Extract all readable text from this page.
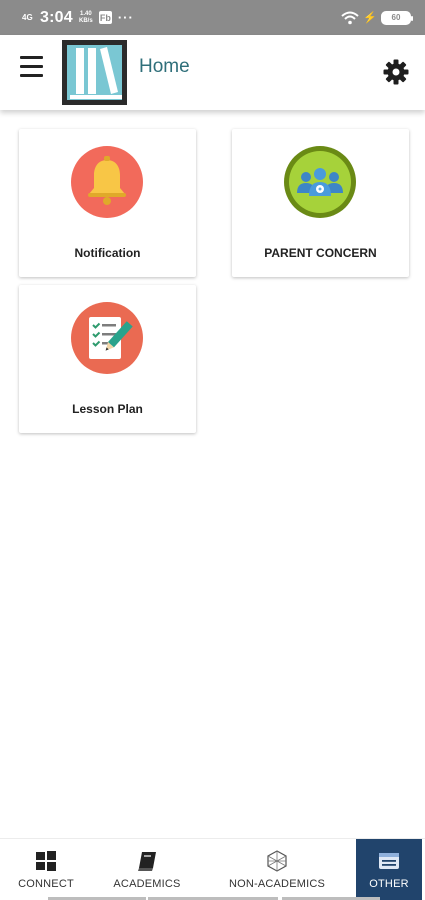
4G 3:04 1.40 KB/s Fb ···	⚡	60
Home
Notification	PARENT CONCERN
Lesson Plan
CONNECT	ACADEMICS	NON-ACADEMICS	OTHER
